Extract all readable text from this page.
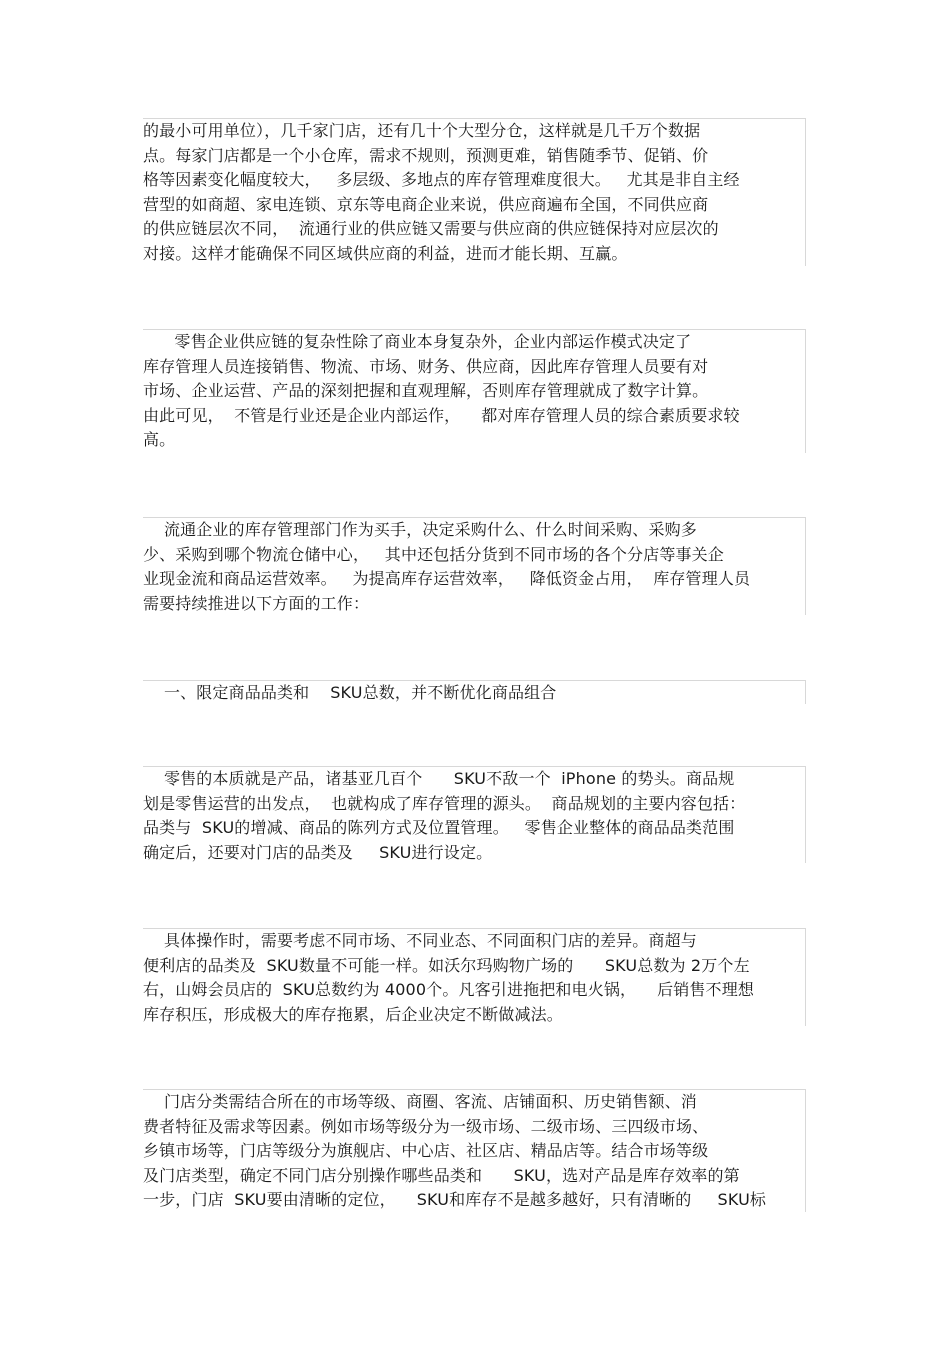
的最小可用单位），几千家门店，还有几十个大型分仓，这样就是几千万个数据
点。每家门店都是一个小仓库，需求不规则，预测更难，销售随季节、促销、价
格等因素变化幅度较大，   多层级、多地点的库存管理难度很大。   尤其是非自主经
营型的如商超、家电连锁、京东等电商企业来说，供应商遍布全国，不同供应商
的供应链层次不同，  流通行业的供应链又需要与供应商的供应链保持对应层次的
对接。这样才能确保不同区域供应商的利益，进而才能长期、互赢。
零售企业供应链的复杂性除了商业本身复杂外，企业内部运作模式决定了
库存管理人员连接销售、物流、市场、财务、供应商，因此库存管理人员要有对
市场、企业运营、产品的深刻把握和直观理解，否则库存管理就成了数字计算。
由此可见，  不管是行业还是企业内部运作，    都对库存管理人员的综合素质要求较
高。
流通企业的库存管理部门作为买手，决定采购什么、什么时间采购、采购多
少、采购到哪个物流仓储中心，   其中还包括分货到不同市场的各个分店等事关企
业现金流和商品运营效率。   为提高库存运营效率，   降低资金占用，  库存管理人员
需要持续推进以下方面的工作：
一、限定商品品类和    SKU总数，并不断优化商品组合
零售的本质就是产品，诸基亚几百个      SKU不敌一个  iPhone 的势头。商品规
划是零售运营的出发点，  也就构成了库存管理的源头。  商品规划的主要内容包括：
品类与  SKU的增减、商品的陈列方式及位置管理。   零售企业整体的商品品类范围
确定后，还要对门店的品类及     SKU进行设定。
具体操作时，需要考虑不同市场、不同业态、不同面积门店的差异。商超与
便利店的品类及  SKU数量不可能一样。如沃尔玛购物广场的      SKU总数为 2万个左
右，山姆会员店的  SKU总数约为 4000个。凡客引进拖把和电火锅，    后销售不理想
库存积压，形成极大的库存拖累，后企业决定不断做减法。
门店分类需结合所在的市场等级、商圈、客流、店铺面积、历史销售额、消
费者特征及需求等因素。例如市场等级分为一级市场、二级市场、三四级市场、
乡镇市场等，门店等级分为旗舰店、中心店、社区店、精品店等。结合市场等级
及门店类型，确定不同门店分别操作哪些品类和      SKU，选对产品是库存效率的第
一步，门店  SKU要由清晰的定位，    SKU和库存不是越多越好，只有清晰的     SKU标
